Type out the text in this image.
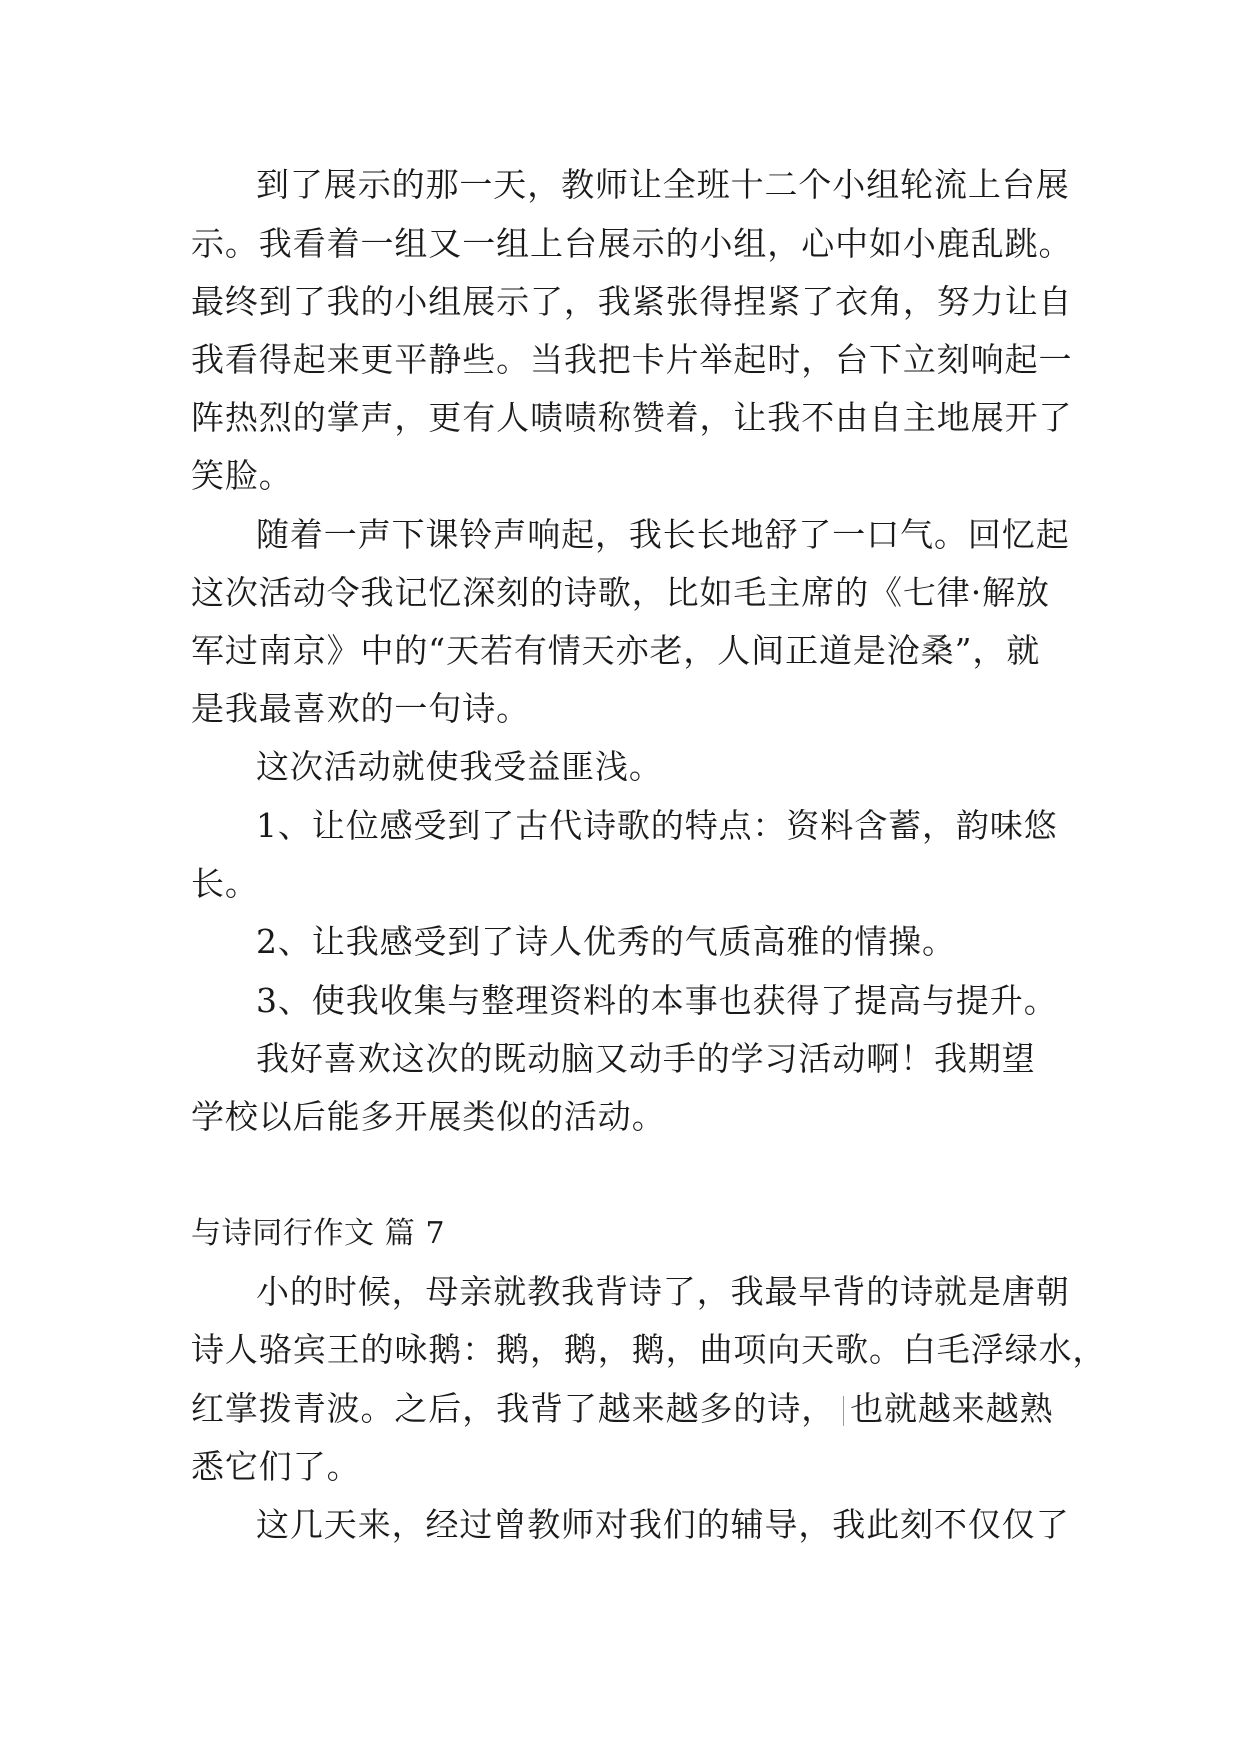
到了展示的那一天，教师让全班十二个小组轮流上台展
示。我看着一组又一组上台展示的小组，心中如小鹿乱跳。
最终到了我的小组展示了，我紧张得捏紧了衣角，努力让自
我看得起来更平静些。当我把卡片举起时，台下立刻响起一
阵热烈的掌声，更有人啧啧称赞着，让我不由自主地展开了
笑脸。
随着一声下课铃声响起，我长长地舒了一口气。回忆起
这次活动令我记忆深刻的诗歌，比如毛主席的《七律·解放
军过南京》中的“天若有情天亦老，人间正道是沧桑”，就
是我最喜欢的一句诗。
这次活动就使我受益匪浅。
1、让位感受到了古代诗歌的特点：资料含蓄，韵味悠
长。
2、让我感受到了诗人优秀的气质高雅的情操。
3、使我收集与整理资料的本事也获得了提高与提升。
我好喜欢这次的既动脑又动手的学习活动啊！我期望
学校以后能多开展类似的活动。
与诗同行作文 篇 7
小的时候，母亲就教我背诗了，我最早背的诗就是唐朝
诗人骆宾王的咏鹅：鹅，鹅，鹅，曲项向天歌。白毛浮绿水，
红掌拨青波。之后，我背了越来越多的诗， 也就越来越熟
悉它们了。
这几天来，经过曾教师对我们的辅导，我此刻不仅仅了
